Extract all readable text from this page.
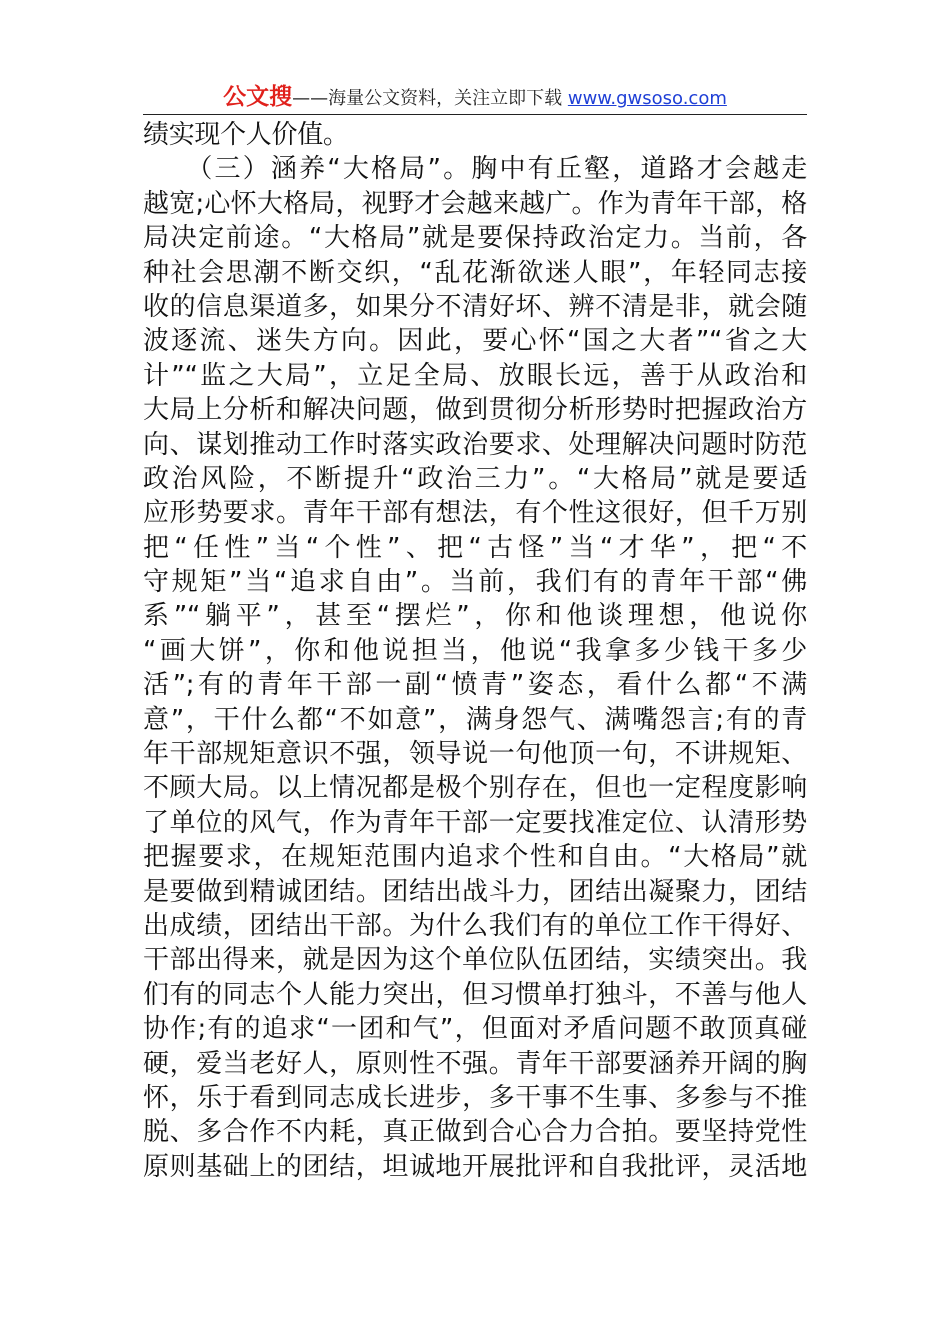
公文搜——海量公文资料，关注立即下载 www.gwsoso.com
绩实现个人价值。
　　（三）涵养“大格局”。胸中有丘壑，道路才会越走
越宽;心怀大格局，视野才会越来越广。作为青年干部，格
局决定前途。“大格局”就是要保持政治定力。当前，各
种社会思潮不断交织，“乱花渐欲迷人眼”，年轻同志接
收的信息渠道多，如果分不清好坏、辨不清是非，就会随
波逐流、迷失方向。因此，要心怀“国之大者”“省之大
计”“监之大局”，立足全局、放眼长远，善于从政治和
大局上分析和解决问题，做到贯彻分析形势时把握政治方
向、谋划推动工作时落实政治要求、处理解决问题时防范
政治风险，不断提升“政治三力”。“大格局”就是要适
应形势要求。青年干部有想法，有个性这很好，但千万别
把“任性”当“个性”、把“古怪”当“才华”，把“不
守规矩”当“追求自由”。当前，我们有的青年干部“佛
系”“躺平”，甚至“摆烂”，你和他谈理想，他说你
“画大饼”，你和他说担当，他说“我拿多少钱干多少
活”;有的青年干部一副“愤青”姿态，看什么都“不满
意”，干什么都“不如意”，满身怨气、满嘴怨言;有的青
年干部规矩意识不强，领导说一句他顶一句，不讲规矩、
不顾大局。以上情况都是极个别存在，但也一定程度影响
了单位的风气，作为青年干部一定要找准定位、认清形势
把握要求，在规矩范围内追求个性和自由。“大格局”就
是要做到精诚团结。团结出战斗力，团结出凝聚力，团结
出成绩，团结出干部。为什么我们有的单位工作干得好、
干部出得来，就是因为这个单位队伍团结，实绩突出。我
们有的同志个人能力突出，但习惯单打独斗，不善与他人
协作;有的追求“一团和气”，但面对矛盾问题不敢顶真碰
硬，爱当老好人，原则性不强。青年干部要涵养开阔的胸
怀，乐于看到同志成长进步，多干事不生事、多参与不推
脱、多合作不内耗，真正做到合心合力合拍。要坚持党性
原则基础上的团结，坦诚地开展批评和自我批评，灵活地
